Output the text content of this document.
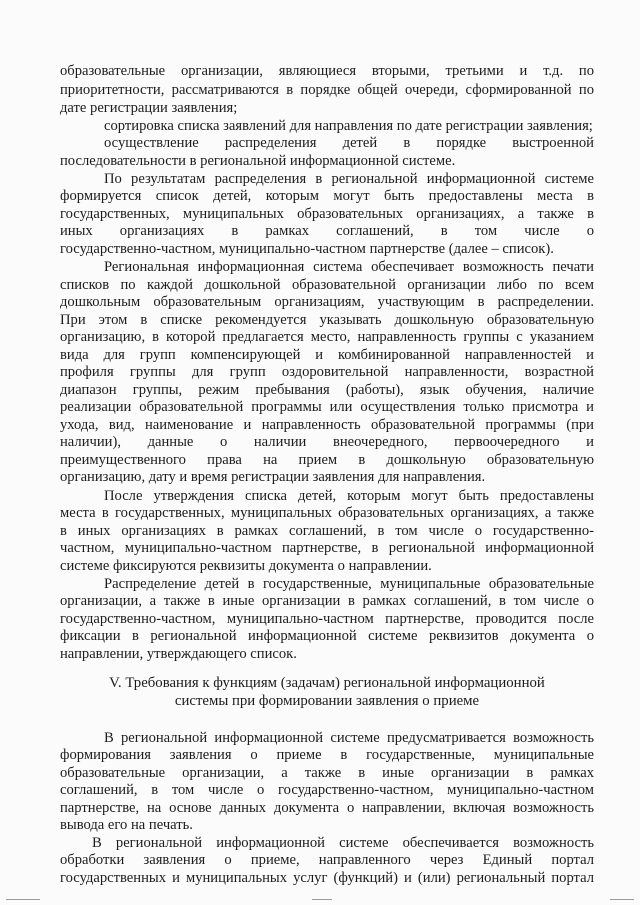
образовательные организации, являющиеся вторыми, третьими и т.д. по
приоритетности, рассматриваются в порядке общей очереди, сформированной по
дате регистрации заявления;
сортировка списка заявлений для направления по дате регистрации заявления;
осуществление распределения детей в порядке выстроенной
последовательности в региональной информационной системе.
По результатам распределения в региональной информационной системе
формируется список детей, которым могут быть предоставлены места в
государственных, муниципальных образовательных организациях, а также в
иных организациях в рамках соглашений, в том числе о
государственно-частном, муниципально-частном партнерстве (далее – список).
Региональная информационная система обеспечивает возможность печати
списков по каждой дошкольной образовательной организации либо по всем
дошкольным образовательным организациям, участвующим в распределении.
При этом в списке рекомендуется указывать дошкольную образовательную
организацию, в которой предлагается место, направленность группы с указанием
вида для групп компенсирующей и комбинированной направленностей и
профиля группы для групп оздоровительной направленности, возрастной
диапазон группы, режим пребывания (работы), язык обучения, наличие
реализации образовательной программы или осуществления только присмотра и
ухода, вид, наименование и направленность образовательной программы (при
наличии), данные о наличии внеочередного, первоочередного и
преимущественного права на прием в дошкольную образовательную
организацию, дату и время регистрации заявления для направления.
После утверждения списка детей, которым могут быть предоставлены
места в государственных, муниципальных образовательных организациях, а также
в иных организациях в рамках соглашений, в том числе о государственно-
частном, муниципально-частном партнерстве, в региональной информационной
системе фиксируются реквизиты документа о направлении.
Распределение детей в государственные, муниципальные образовательные
организации, а также в иные организации в рамках соглашений, в том числе о
государственно-частном, муниципально-частном партнерстве, проводится после
фиксации в региональной информационной системе реквизитов документа о
направлении, утверждающего список.
V. Требования к функциям (задачам) региональной информационной
системы при формировании заявления о приеме
В региональной информационной системе предусматривается возможность
формирования заявления о приеме в государственные, муниципальные
образовательные организации, а также в иные организации в рамках
соглашений, в том числе о государственно-частном, муниципально-частном
партнерстве, на основе данных документа о направлении, включая возможность
вывода его на печать.
В региональной информационной системе обеспечивается возможность
обработки заявления о приеме, направленного через Единый портал
государственных и муниципальных услуг (функций) и (или) региональный портал
